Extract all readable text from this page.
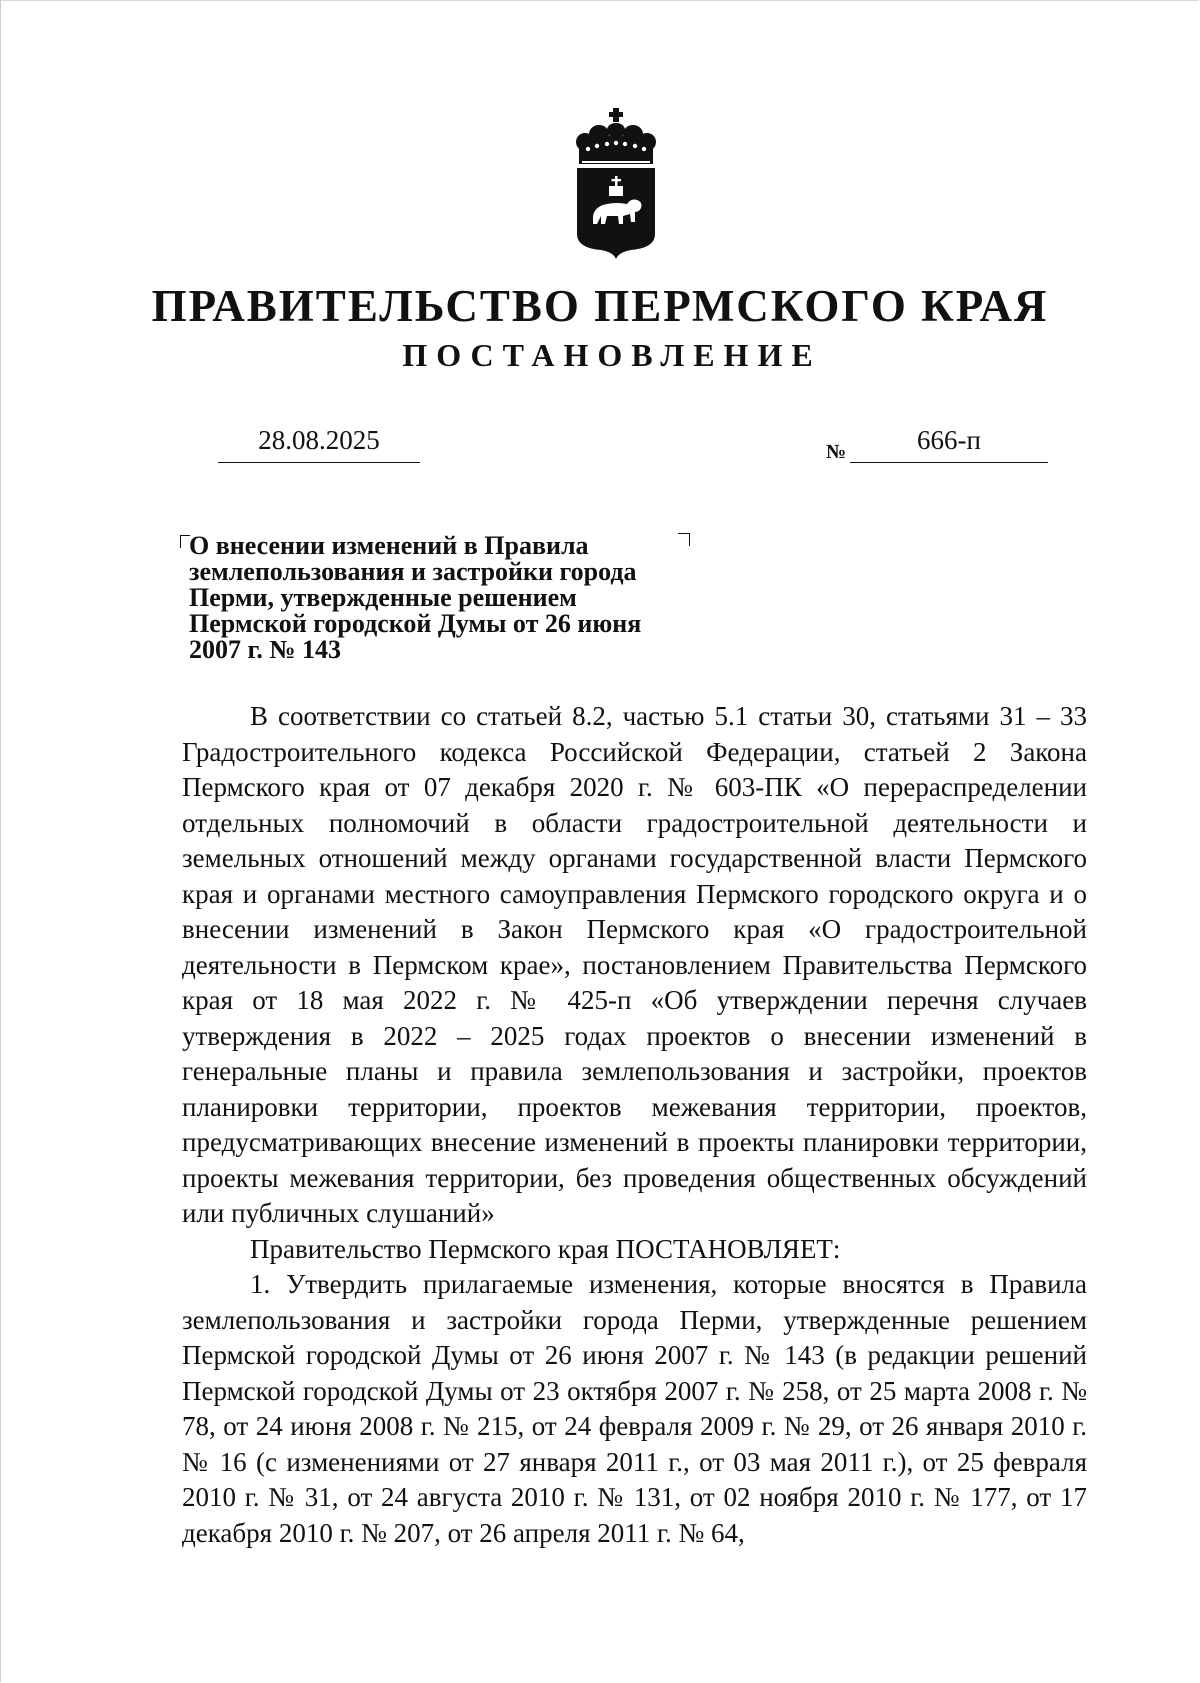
ПРАВИТЕЛЬСТВО ПЕРМСКОГО КРАЯ
ПОСТАНОВЛЕНИЕ
28.08.2025	№	666-п
О внесении изменений в Правила
землепользования и застройки города
Перми, утвержденные решением
Пермской городской Думы от 26 июня
2007 г. № 143

В соответствии со статьей 8.2, частью 5.1 статьи 30, статьями 31 – 33 Градостроительного кодекса Российской Федерации, статьей 2 Закона Пермского края от 07 декабря 2020 г. № 603-ПК «О перераспределении отдельных полномочий в области градостроительной деятельности и земельных отношений между органами государственной власти Пермского края и органами местного самоуправления Пермского городского округа и о внесении изменений в Закон Пермского края «О градостроительной деятельности в Пермском крае», постановлением Правительства Пермского края от 18 мая 2022 г. № 425-п «Об утверждении перечня случаев утверждения в 2022 – 2025 годах проектов о внесении изменений в генеральные планы и правила землепользования и застройки, проектов планировки территории, проектов межевания территории, проектов, предусматривающих внесение изменений в проекты планировки территории, проекты межевания территории, без проведения общественных обсуждений или публичных слушаний»

Правительство Пермского края ПОСТАНОВЛЯЕТ:

1. Утвердить прилагаемые изменения, которые вносятся в Правила землепользования и застройки города Перми, утвержденные решением Пермской городской Думы от 26 июня 2007 г. № 143 (в редакции решений Пермской городской Думы от 23 октября 2007 г. № 258, от 25 марта 2008 г. № 78, от 24 июня 2008 г. № 215, от 24 февраля 2009 г. № 29, от 26 января 2010 г. № 16 (с изменениями от 27 января 2011 г., от 03 мая 2011 г.), от 25 февраля 2010 г. № 31, от 24 августа 2010 г. № 131, от 02 ноября 2010 г. № 177, от 17 декабря 2010 г. № 207, от 26 апреля 2011 г. № 64,
